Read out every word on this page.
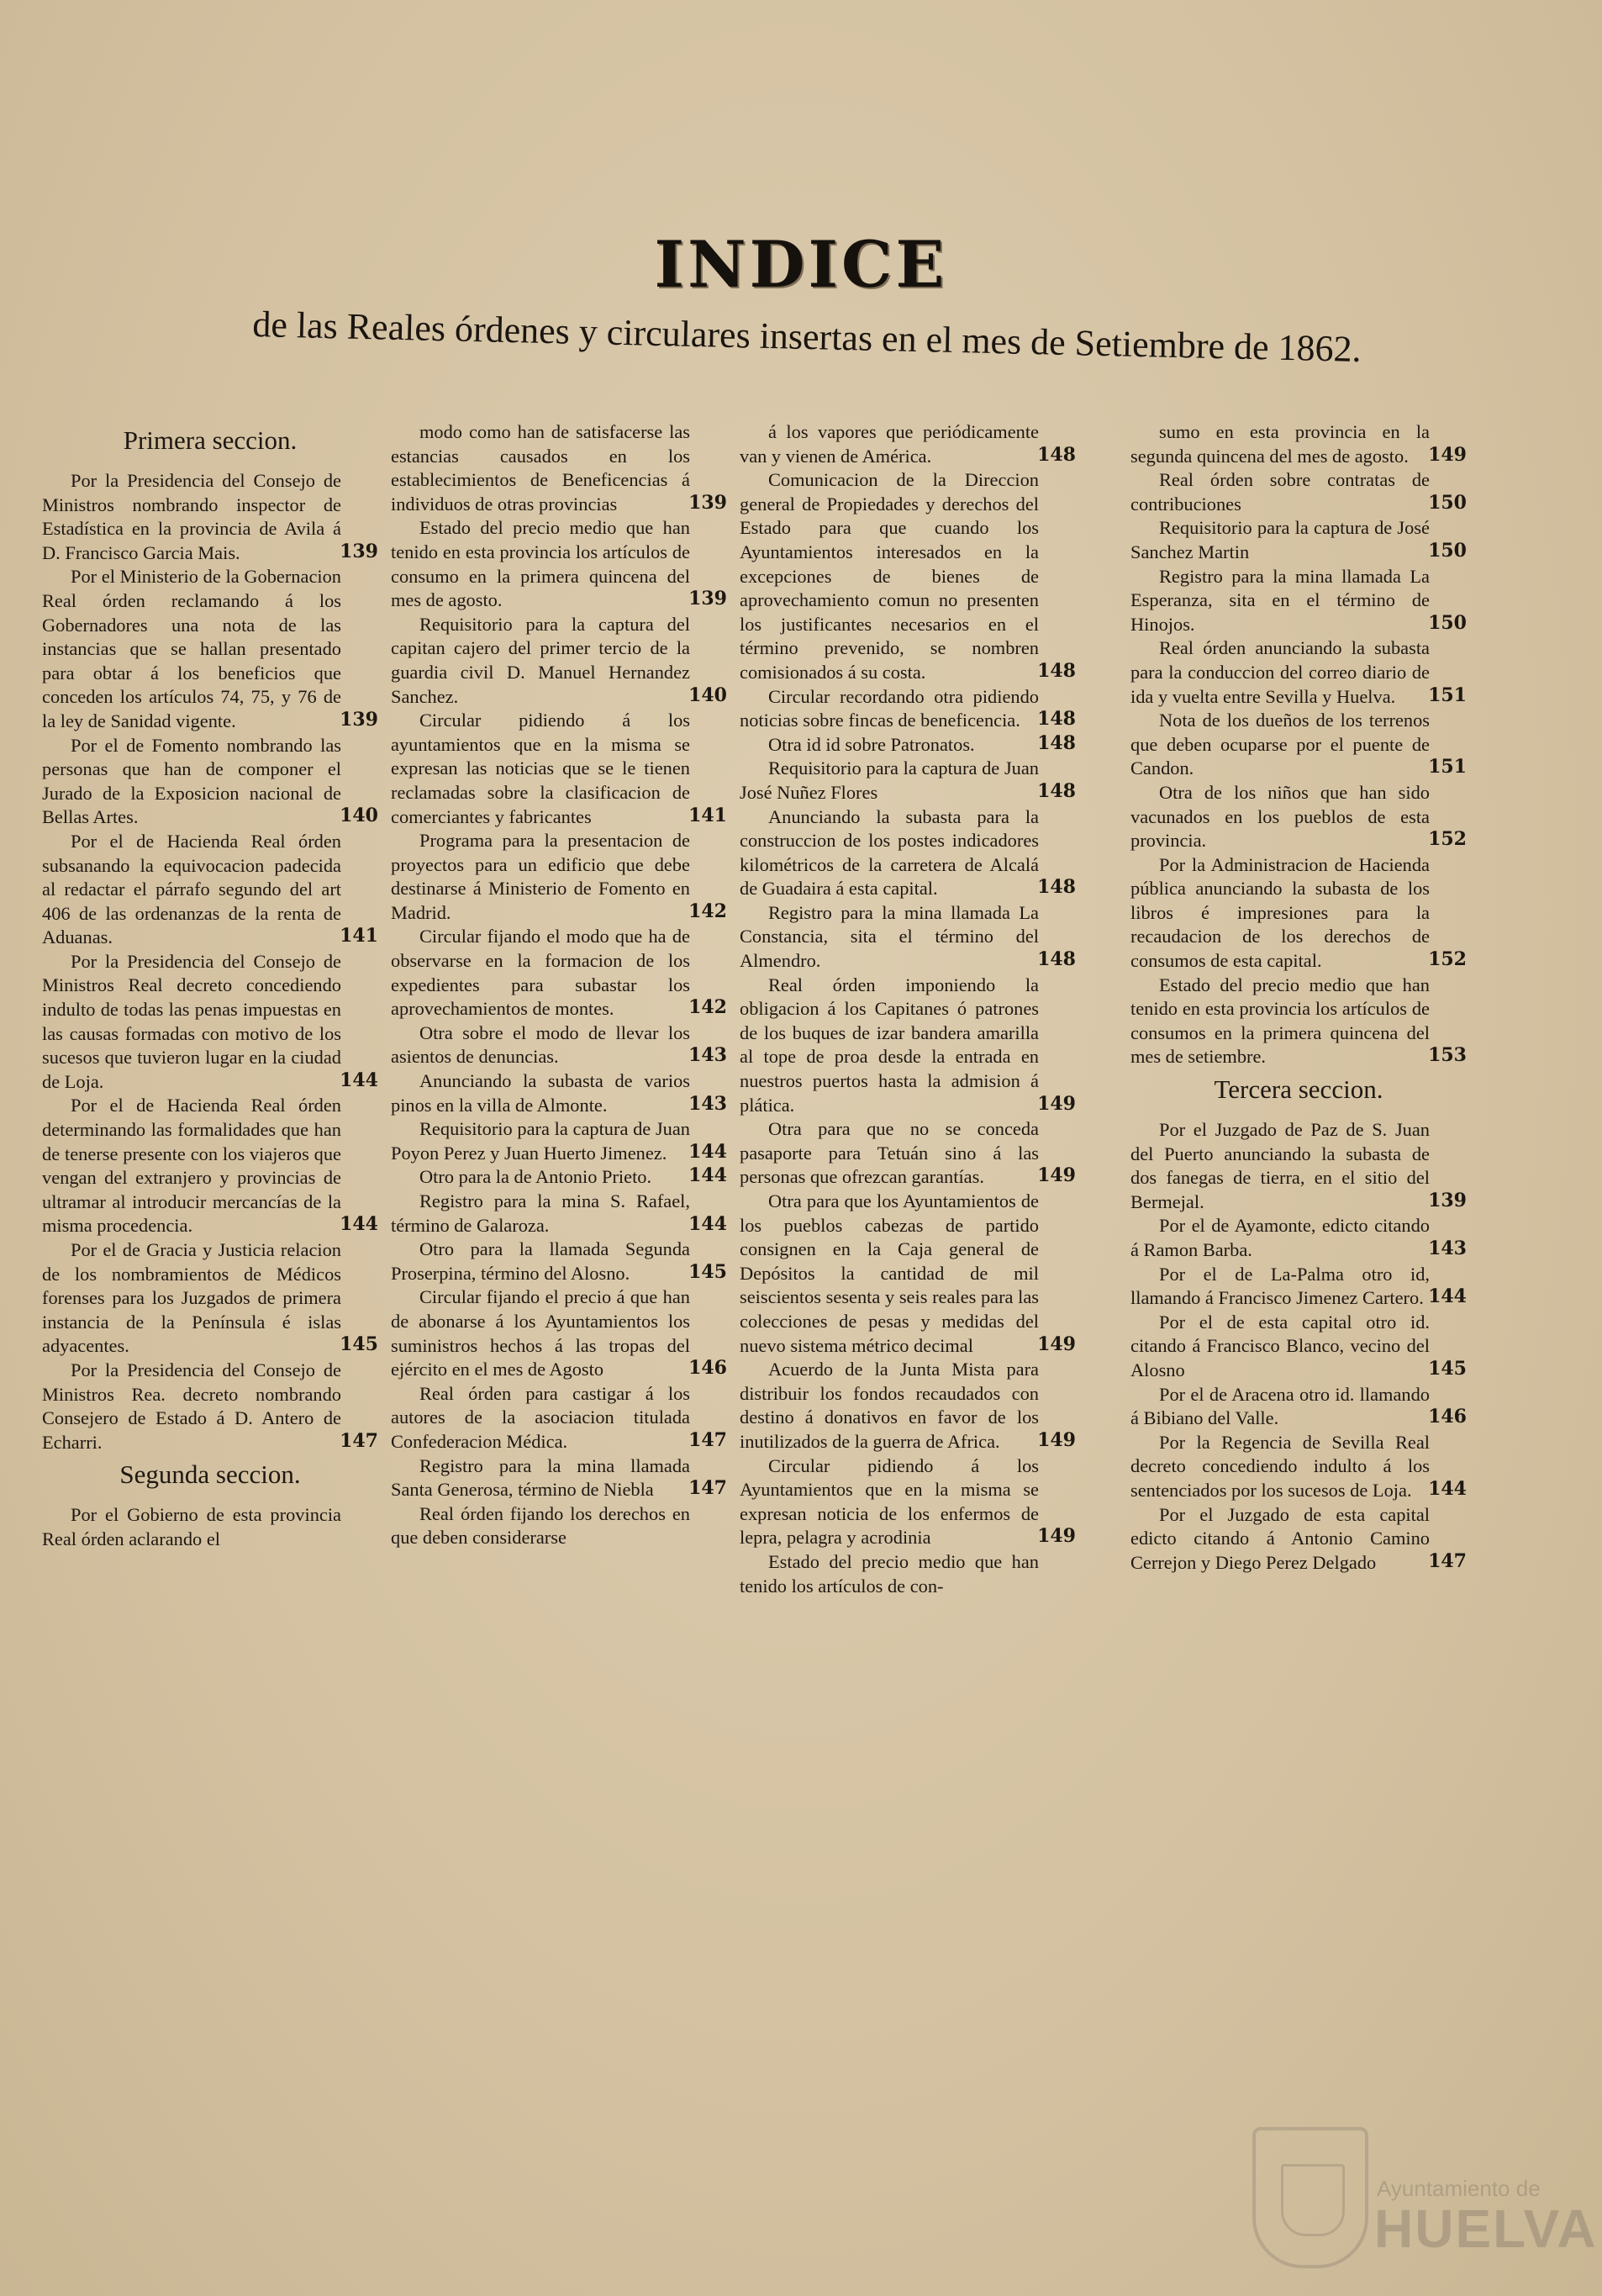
INDICE
de las Reales órdenes y circulares insertas en el mes de Setiembre de 1862.
Primera seccion.
Por la Presidencia del Consejo de Ministros nombrando inspector de Estadística en la provincia de Avila á D. Francisco Garcia Mais.	139
Por el Ministerio de la Gobernacion Real órden reclamando á los Gobernadores una nota de las instancias que se hallan presentado para obtar á los beneficios que conceden los artículos 74, 75, y 76 de la ley de Sanidad vigente.	139
Por el de Fomento nombrando las personas que han de componer el Jurado de la Exposicion nacional de Bellas Artes.	140
Por el de Hacienda Real órden subsanando la equivocacion padecida al redactar el párrafo segundo del art 406 de las ordenanzas de la renta de Aduanas.	141
Por la Presidencia del Consejo de Ministros Real decreto concediendo indulto de todas las penas impuestas en las causas formadas con motivo de los sucesos que tuvieron lugar en la ciudad de Loja.	144
Por el de Hacienda Real órden determinando las formalidades que han de tenerse presente con los viajeros que vengan del extranjero y provincias de ultramar al introducir mercancías de la misma procedencia.	144
Por el de Gracia y Justicia relacion de los nombramientos de Médicos forenses para los Juzgados de primera instancia de la Península é islas adyacentes.	145
Por la Presidencia del Consejo de Ministros Rea. decreto nombrando Consejero de Estado á D. Antero de Echarri.	147
Segunda seccion.
Por el Gobierno de esta provincia Real órden aclarando el
modo como han de satisfacerse las estancias causados en los establecimientos de Beneficencias á individuos de otras provincias	139
Estado del precio medio que han tenido en esta provincia los artículos de consumo en la primera quincena del mes de agosto.	139
Requisitorio para la captura del capitan cajero del primer tercio de la guardia civil D. Manuel Hernandez Sanchez.	140
Circular pidiendo á los ayuntamientos que en la misma se expresan las noticias que se le tienen reclamadas sobre la clasificacion de comerciantes y fabricantes	141
Programa para la presentacion de proyectos para un edificio que debe destinarse á Ministerio de Fomento en Madrid.	142
Circular fijando el modo que ha de observarse en la formacion de los expedientes para subastar los aprovechamientos de montes.	142
Otra sobre el modo de llevar los asientos de denuncias.	143
Anunciando la subasta de varios pinos en la villa de Almonte.	143
Requisitorio para la captura de Juan Poyon Perez y Juan Huerto Jimenez. 144
Otro para la de Antonio Prieto. 144
Registro para la mina S. Rafael, término de Galaroza.	144
Otro para la llamada Segunda Proserpina, término del Alosno.	145
Circular fijando el precio á que han de abonarse á los Ayuntamientos los suministros hechos á las tropas del ejército en el mes de Agosto	146
Real órden para castigar á los autores de la asociacion titulada Confederacion Médica.	147
Registro para la mina llamada Santa Generosa, término de Niebla 147
Real órden fijando los derechos en que deben considerarse
á los vapores que periódicamente van y vienen de América.	148
Comunicacion de la Direccion general de Propiedades y derechos del Estado para que cuando los Ayuntamientos interesados en la excepciones de bienes de aprovechamiento comun no presenten los justificantes necesarios en el término prevenido, se nombren comisionados á su costa.	148
Circular recordando otra pidiendo noticias sobre fincas de beneficencia. 148
Otra id id sobre Patronatos.	148
Requisitorio para la captura de Juan José Nuñez Flores	148
Anunciando la subasta para la construccion de los postes indicadores kilométricos de la carretera de Alcalá de Guadaira á esta capital.	148
Registro para la mina llamada La Constancia, sita el término del Almendro.	148
Real órden imponiendo la obligacion á los Capitanes ó patrones de los buques de izar bandera amarilla al tope de proa desde la entrada en nuestros puertos hasta la admision á plática.	149
Otra para que no se conceda pasaporte para Tetuán sino á las personas que ofrezcan garantías.	149
Otra para que los Ayuntamientos de los pueblos cabezas de partido consignen en la Caja general de Depósitos la cantidad de mil seiscientos sesenta y seis reales para las colecciones de pesas y medidas del nuevo sistema métrico decimal	149
Acuerdo de la Junta Mista para distribuir los fondos recaudados con destino á donativos en favor de los inutilizados de la guerra de Africa. 149
Circular pidiendo á los Ayuntamientos que en la misma se expresan noticia de los enfermos de lepra, pelagra y acrodinia	149
Estado del precio medio que han tenido los artículos de con-
sumo en esta provincia en la segunda quincena del mes de agosto. 149
Real órden sobre contratas de contribuciones	150
Requisitorio para la captura de José Sanchez Martin	150
Registro para la mina llamada La Esperanza, sita en el término de Hinojos.	150
Real órden anunciando la subasta para la conduccion del correo diario de ida y vuelta entre Sevilla y Huelva. 151
Nota de los dueños de los terrenos que deben ocuparse por el puente de Candon.	151
Otra de los niños que han sido vacunados en los pueblos de esta provincia.	152
Por la Administracion de Hacienda pública anunciando la subasta de los libros é impresiones para la recaudacion de los derechos de consumos de esta capital.	152
Estado del precio medio que han tenido en esta provincia los artículos de consumos en la primera quincena del mes de setiembre.	153
Tercera seccion.
Por el Juzgado de Paz de S. Juan del Puerto anunciando la subasta de dos fanegas de tierra, en el sitio del Bermejal.	139
Por el de Ayamonte, edicto citando á Ramon Barba.	143
Por el de La-Palma otro id, llamando á Francisco Jimenez Cartero. 144
Por el de esta capital otro id. citando á Francisco Blanco, vecino del Alosno	145
Por el de Aracena otro id. llamando á Bibiano del Valle.	146
Por la Regencia de Sevilla Real decreto concediendo indulto á los sentenciados por los sucesos de Loja. 144
Por el Juzgado de esta capital edicto citando á Antonio Camino Cerrejon y Diego Perez Delgado	147
Ayuntamiento de
HUELVA
